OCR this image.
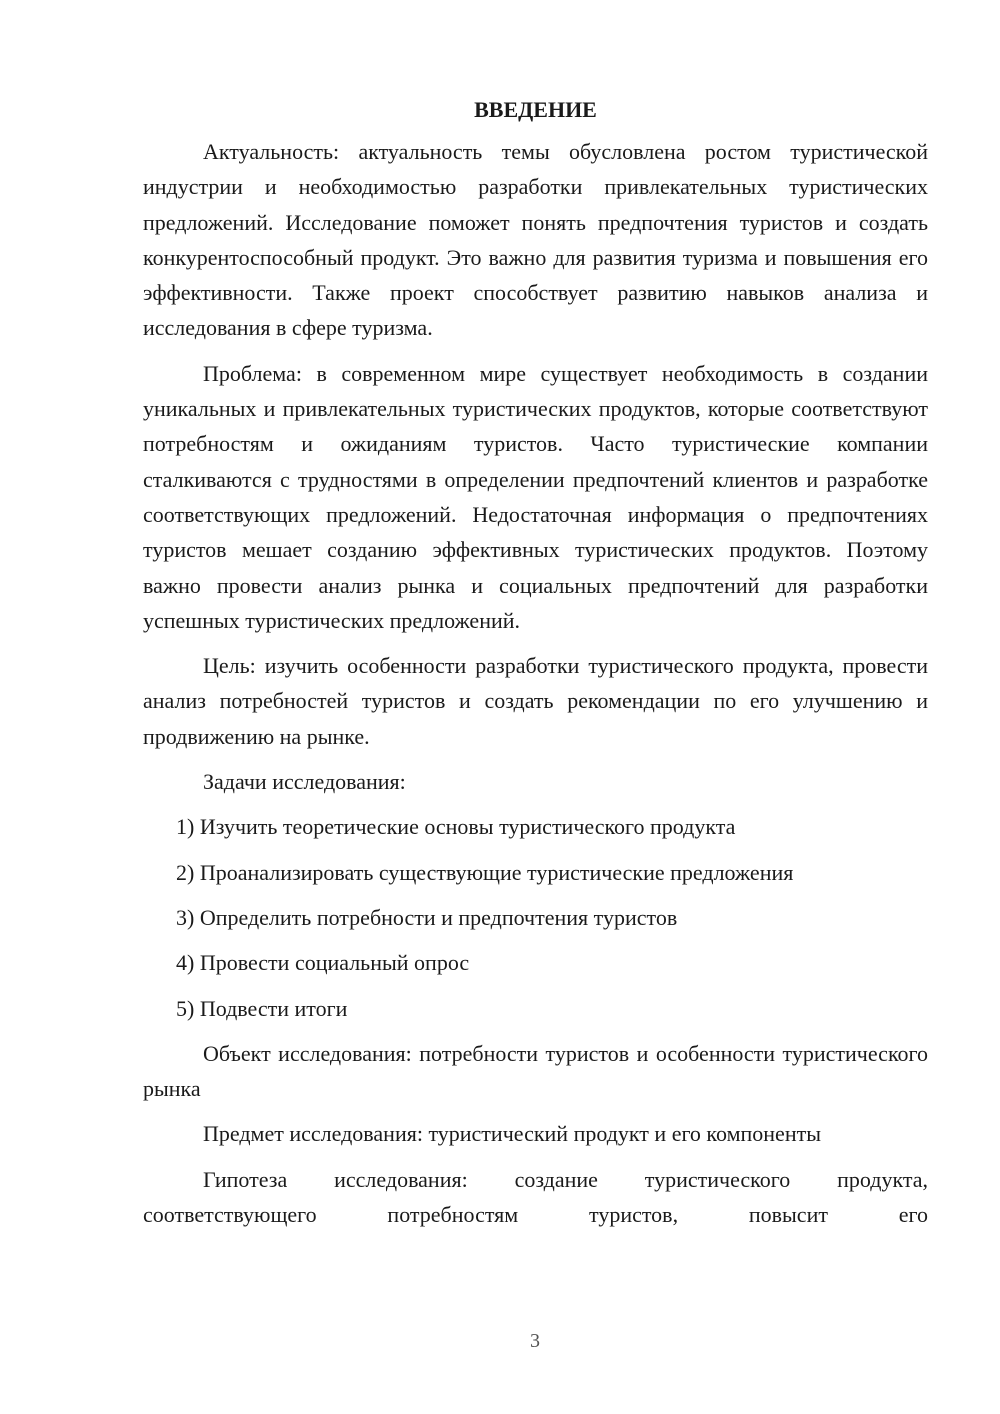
ВВЕДЕНИЕ

Актуальность: актуальность темы обусловлена ростом туристической индустрии и необходимостью разработки привлекательных туристических предложений. Исследование поможет понять предпочтения туристов и создать конкурентоспособный продукт. Это важно для развития туризма и повышения его эффективности. Также проект способствует развитию навыков анализа и исследования в сфере туризма.

Проблема: в современном мире существует необходимость в создании уникальных и привлекательных туристических продуктов, которые соответствуют потребностям и ожиданиям туристов. Часто туристические компании сталкиваются с трудностями в определении предпочтений клиентов и разработке соответствующих предложений. Недостаточная информация о предпочтениях туристов мешает созданию эффективных туристических продуктов. Поэтому важно провести анализ рынка и социальных предпочтений для разработки успешных туристических предложений.

Цель: изучить особенности разработки туристического продукта, провести анализ потребностей туристов и создать рекомендации по его улучшению и продвижению на рынке.

Задачи исследования:

1) Изучить теоретические основы туристического продукта
2) Проанализировать существующие туристические предложения
3) Определить потребности и предпочтения туристов
4) Провести социальный опрос
5) Подвести итоги

Объект исследования: потребности туристов и особенности туристического рынка

Предмет исследования: туристический продукт и его компоненты

Гипотеза исследования: создание туристического продукта, соответствующего потребностям туристов, повысит его

3
